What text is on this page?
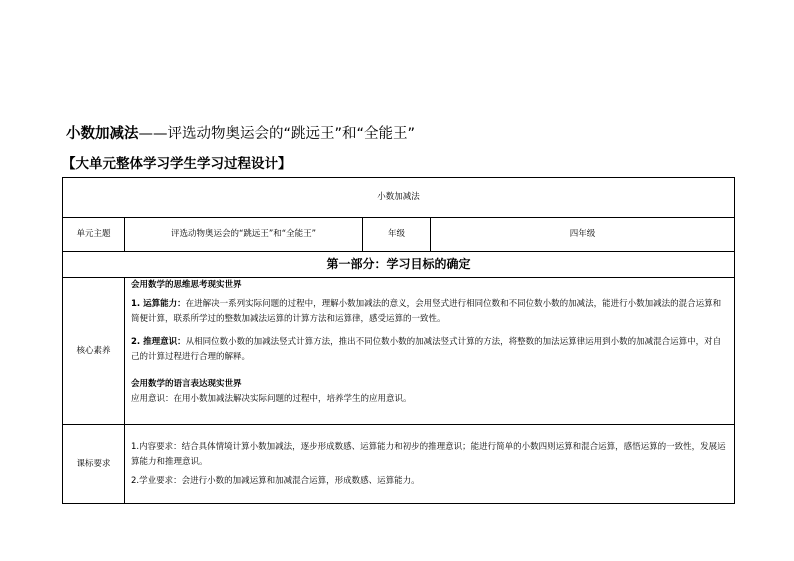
小数加减法——评选动物奥运会的“跳远王”和“全能王”
【大单元整体学习学生学习过程设计】
小数加减法			
单元主题	评选动物奥运会的“跳远王”和“全能王”	年级	四年级
第一部分：学习目标的确定			
核心素养	会用数学的思维思考现实世界

1. 运算能力：在进解决一系列实际问题的过程中，理解小数加减法的意义，会用竖式进行相同位数和不同位数小数的加减法，能进行小数加减法的混合运算和简便计算，联系所学过的整数加减法运算的计算方法和运算律，感受运算的一致性。

2. 推理意识：从相同位数小数的加减法竖式计算方法，推出不同位数小数的加减法竖式计算的方法，将整数的加法运算律运用到小数的加减混合运算中，对自己的计算过程进行合理的解释。

会用数学的语言表达现实世界

应用意识：在用小数加减法解决实际问题的过程中，培养学生的应用意识。		

课标要求	1.内容要求：结合具体情境计算小数加减法，逐步形成数感、运算能力和初步的推理意识；能进行简单的小数四则运算和混合运算，感悟运算的一致性，发展运算能力和推理意识。

2.学业要求：会进行小数的加减运算和加减混合运算，形成数感、运算能力。		
